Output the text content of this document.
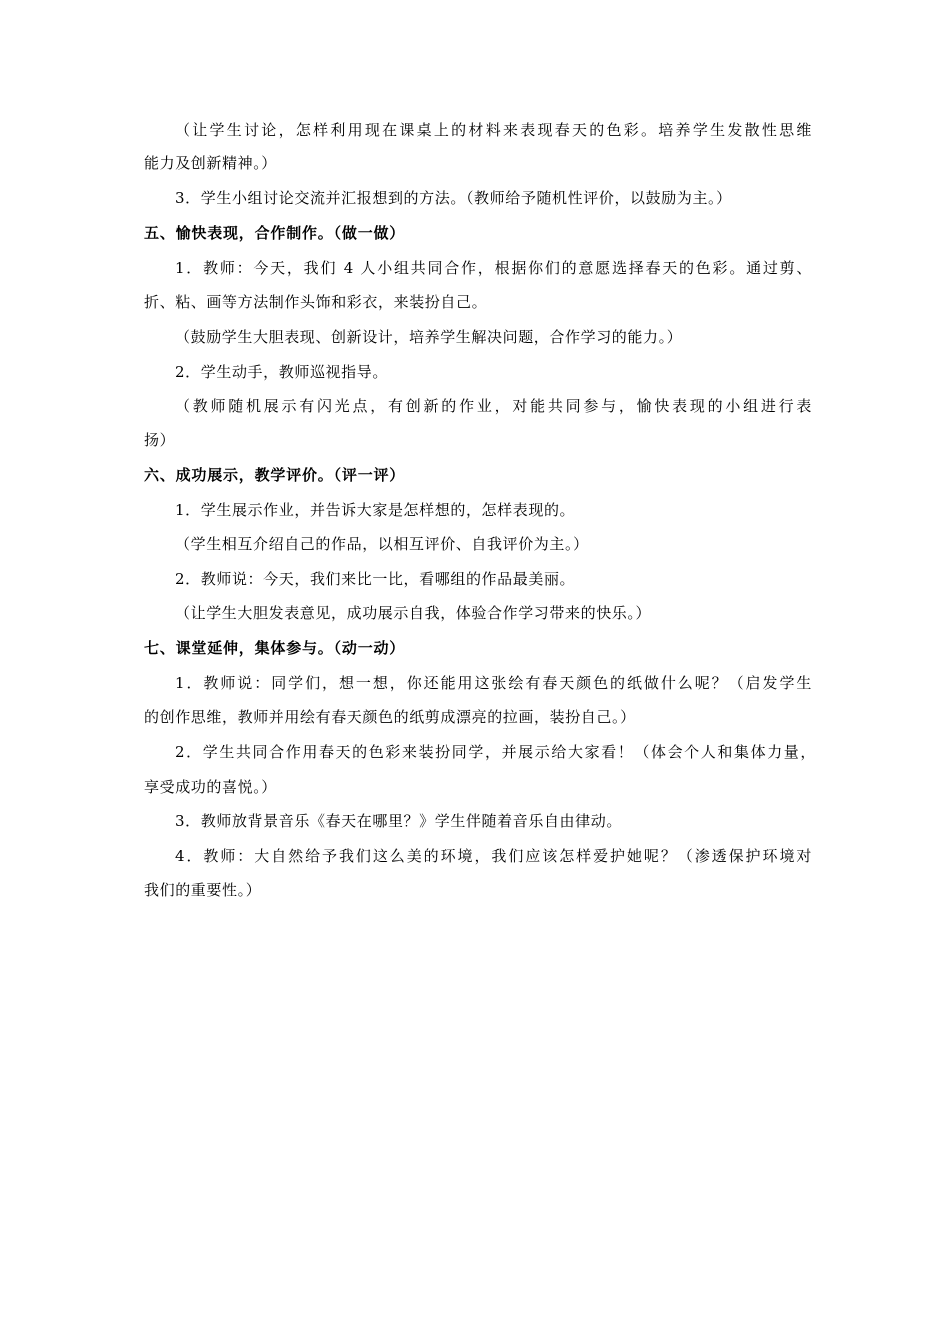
（让学生讨论，怎样利用现在课桌上的材料来表现春天的色彩。培养学生发散性思维
能力及创新精神。）
3．学生小组讨论交流并汇报想到的方法。（教师给予随机性评价，以鼓励为主。）
五、愉快表现，合作制作。（做一做）
1．教师：今天，我们 4 人小组共同合作，根据你们的意愿选择春天的色彩。通过剪、
折、粘、画等方法制作头饰和彩衣，来装扮自己。
（鼓励学生大胆表现、创新设计，培养学生解决问题，合作学习的能力。）
2．学生动手，教师巡视指导。
（教师随机展示有闪光点，有创新的作业，对能共同参与，愉快表现的小组进行表
扬）
六、成功展示，教学评价。（评一评）
1．学生展示作业，并告诉大家是怎样想的，怎样表现的。
（学生相互介绍自己的作品，以相互评价、自我评价为主。）
2．教师说：今天，我们来比一比，看哪组的作品最美丽。
（让学生大胆发表意见，成功展示自我，体验合作学习带来的快乐。）
七、课堂延伸，集体参与。（动一动）
1．教师说：同学们，想一想，你还能用这张绘有春天颜色的纸做什么呢？（启发学生
的创作思维，教师并用绘有春天颜色的纸剪成漂亮的拉画，装扮自己。）
2．学生共同合作用春天的色彩来装扮同学，并展示给大家看！（体会个人和集体力量，
享受成功的喜悦。）
3．教师放背景音乐《春天在哪里？》学生伴随着音乐自由律动。
4．教师：大自然给予我们这么美的环境，我们应该怎样爱护她呢？（渗透保护环境对
我们的重要性。）
